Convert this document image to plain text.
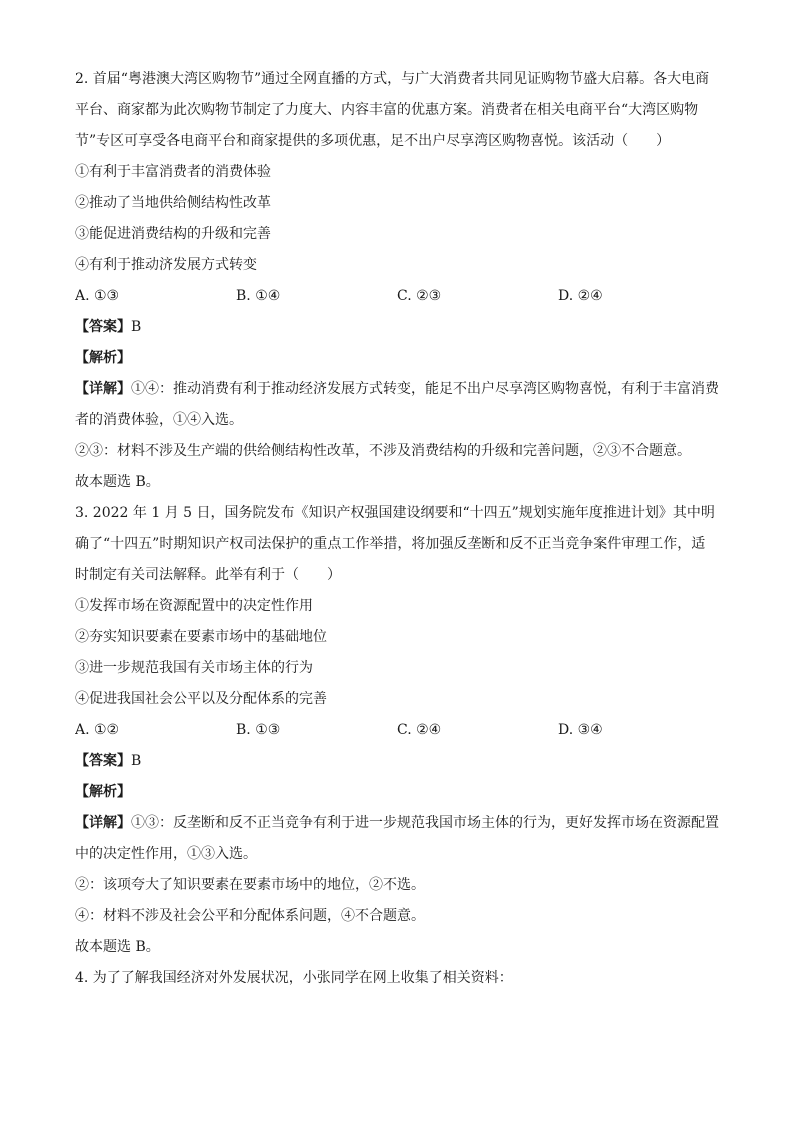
2. 首届“粤港澳大湾区购物节”通过全网直播的方式，与广大消费者共同见证购物节盛大启幕。各大电商
平台、商家都为此次购物节制定了力度大、内容丰富的优惠方案。消费者在相关电商平台“大湾区购物
节”专区可享受各电商平台和商家提供的多项优惠，足不出户尽享湾区购物喜悦。该活动（　　）
①有利于丰富消费者的消费体验
②推动了当地供给侧结构性改革
③能促进消费结构的升级和完善
④有利于推动济发展方式转变
A. ①③	B. ①④	C. ②③	D. ②④
【答案】B
【解析】
【详解】①④：推动消费有利于推动经济发展方式转变，能足不出户尽享湾区购物喜悦，有利于丰富消费
者的消费体验，①④入选。
②③：材料不涉及生产端的供给侧结构性改革，不涉及消费结构的升级和完善问题，②③不合题意。
故本题选 B。
3. 2022 年 1 月 5 日，国务院发布《知识产权强国建设纲要和“十四五”规划实施年度推进计划》其中明
确了“十四五”时期知识产权司法保护的重点工作举措，将加强反垄断和反不正当竞争案件审理工作，适
时制定有关司法解释。此举有利于（　　）
①发挥市场在资源配置中的决定性作用
②夯实知识要素在要素市场中的基础地位
③进一步规范我国有关市场主体的行为
④促进我国社会公平以及分配体系的完善
A. ①②	B. ①③	C. ②④	D. ③④
【答案】B
【解析】
【详解】①③：反垄断和反不正当竞争有利于进一步规范我国市场主体的行为，更好发挥市场在资源配置
中的决定性作用，①③入选。
②：该项夸大了知识要素在要素市场中的地位，②不选。
④：材料不涉及社会公平和分配体系问题，④不合题意。
故本题选 B。
4. 为了了解我国经济对外发展状况，小张同学在网上收集了相关资料：
